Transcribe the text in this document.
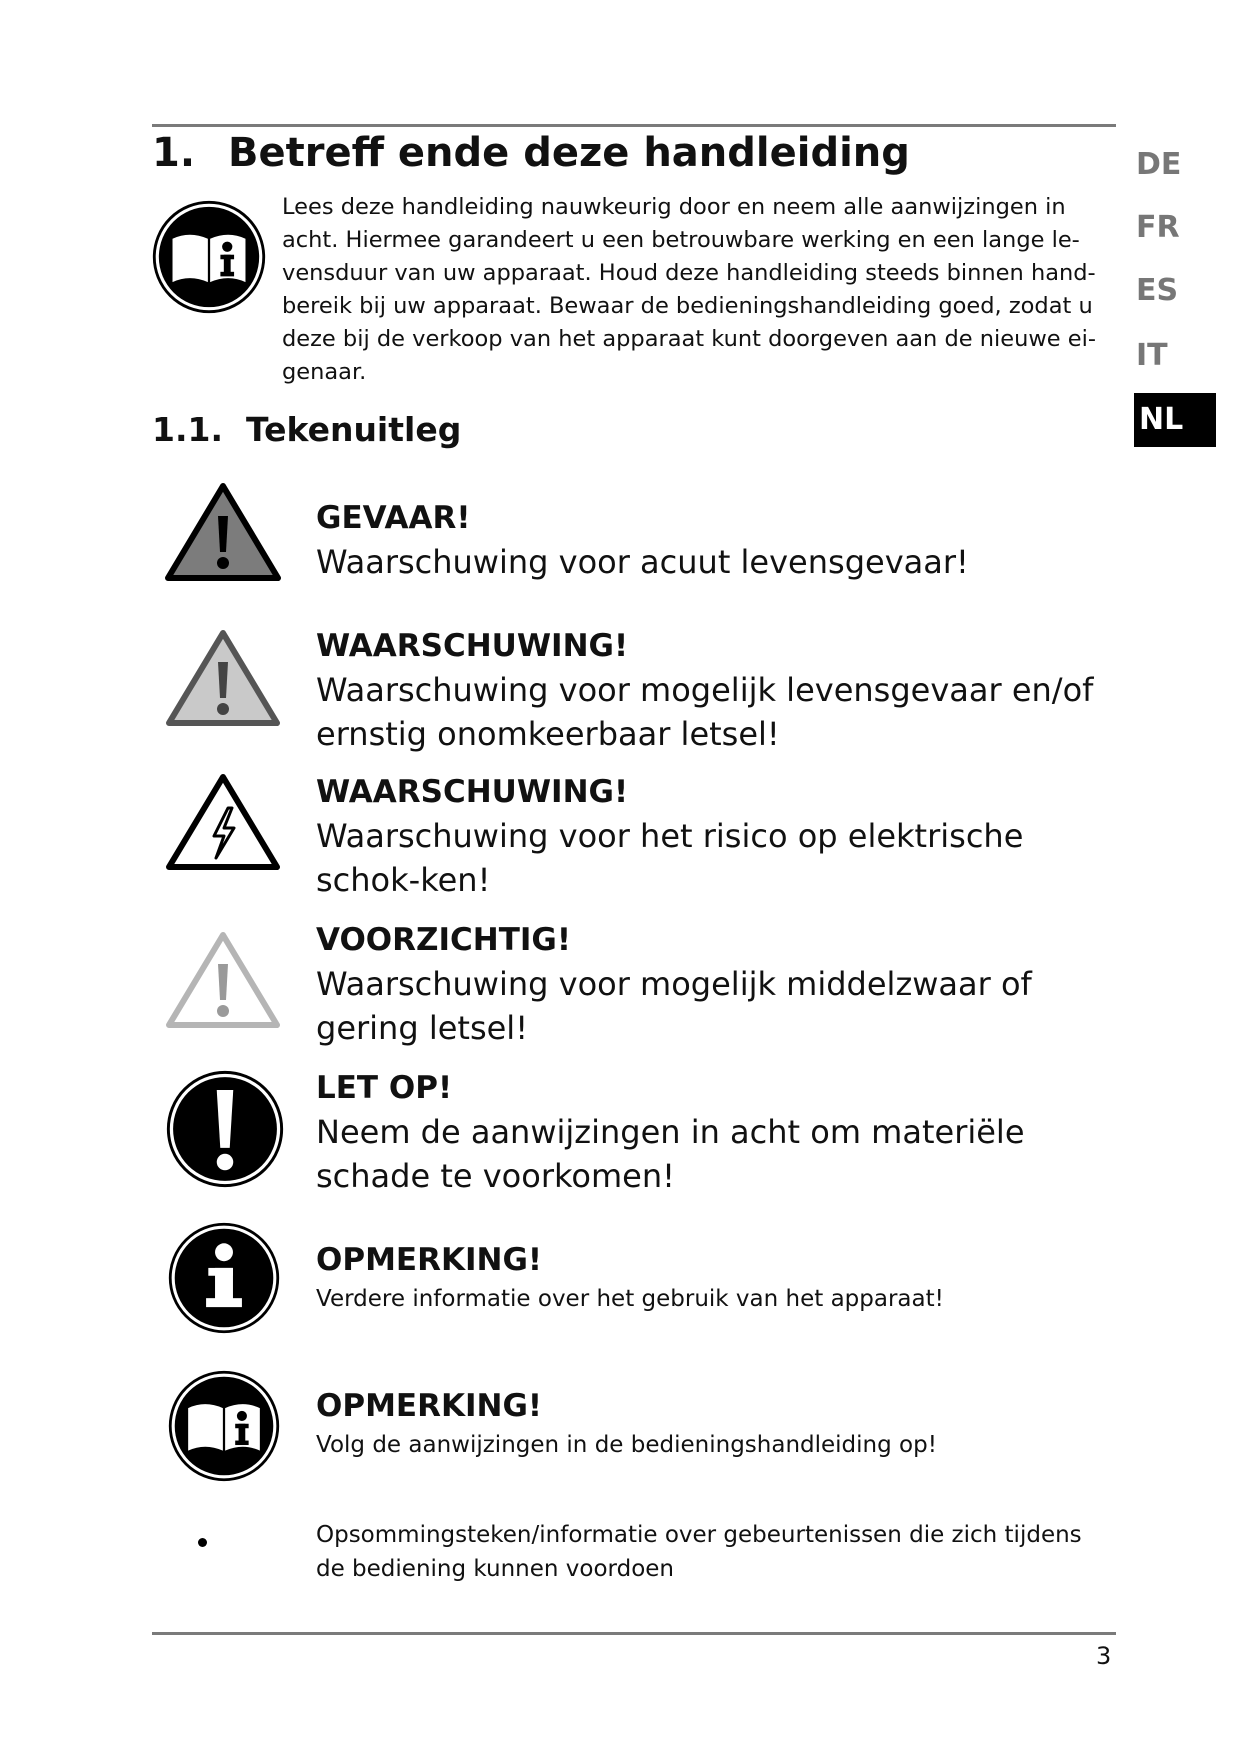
1. Betreff ende deze handleiding

Lees deze handleiding nauwkeurig door en neem alle aanwijzingen in acht. Hiermee garandeert u een betrouwbare werking en een lange le-vensduur van uw apparaat. Houd deze handleiding steeds binnen hand-bereik bij uw apparaat. Bewaar de bedieningshandleiding goed, zodat u deze bij de verkoop van het apparaat kunt doorgeven aan de nieuwe ei-genaar.

1.1. Tekenuitleg
DE
FR
ES
IT
NL
GEVAAR!
Waarschuwing voor acuut levensgevaar!
WAARSCHUWING!
Waarschuwing voor mogelijk levensgevaar en/of ernstig onomkeerbaar letsel!
WAARSCHUWING!
Waarschuwing voor het risico op elektrische schok-ken!
VOORZICHTIG!
Waarschuwing voor mogelijk middelzwaar of gering letsel!
LET OP!
Neem de aanwijzingen in acht om materiële schade te voorkomen!
OPMERKING!
Verdere informatie over het gebruik van het apparaat!
OPMERKING!
Volg de aanwijzingen in de bedieningshandleiding op!
Opsommingsteken/informatie over gebeurtenissen die zich tijdens de bediening kunnen voordoen
3
